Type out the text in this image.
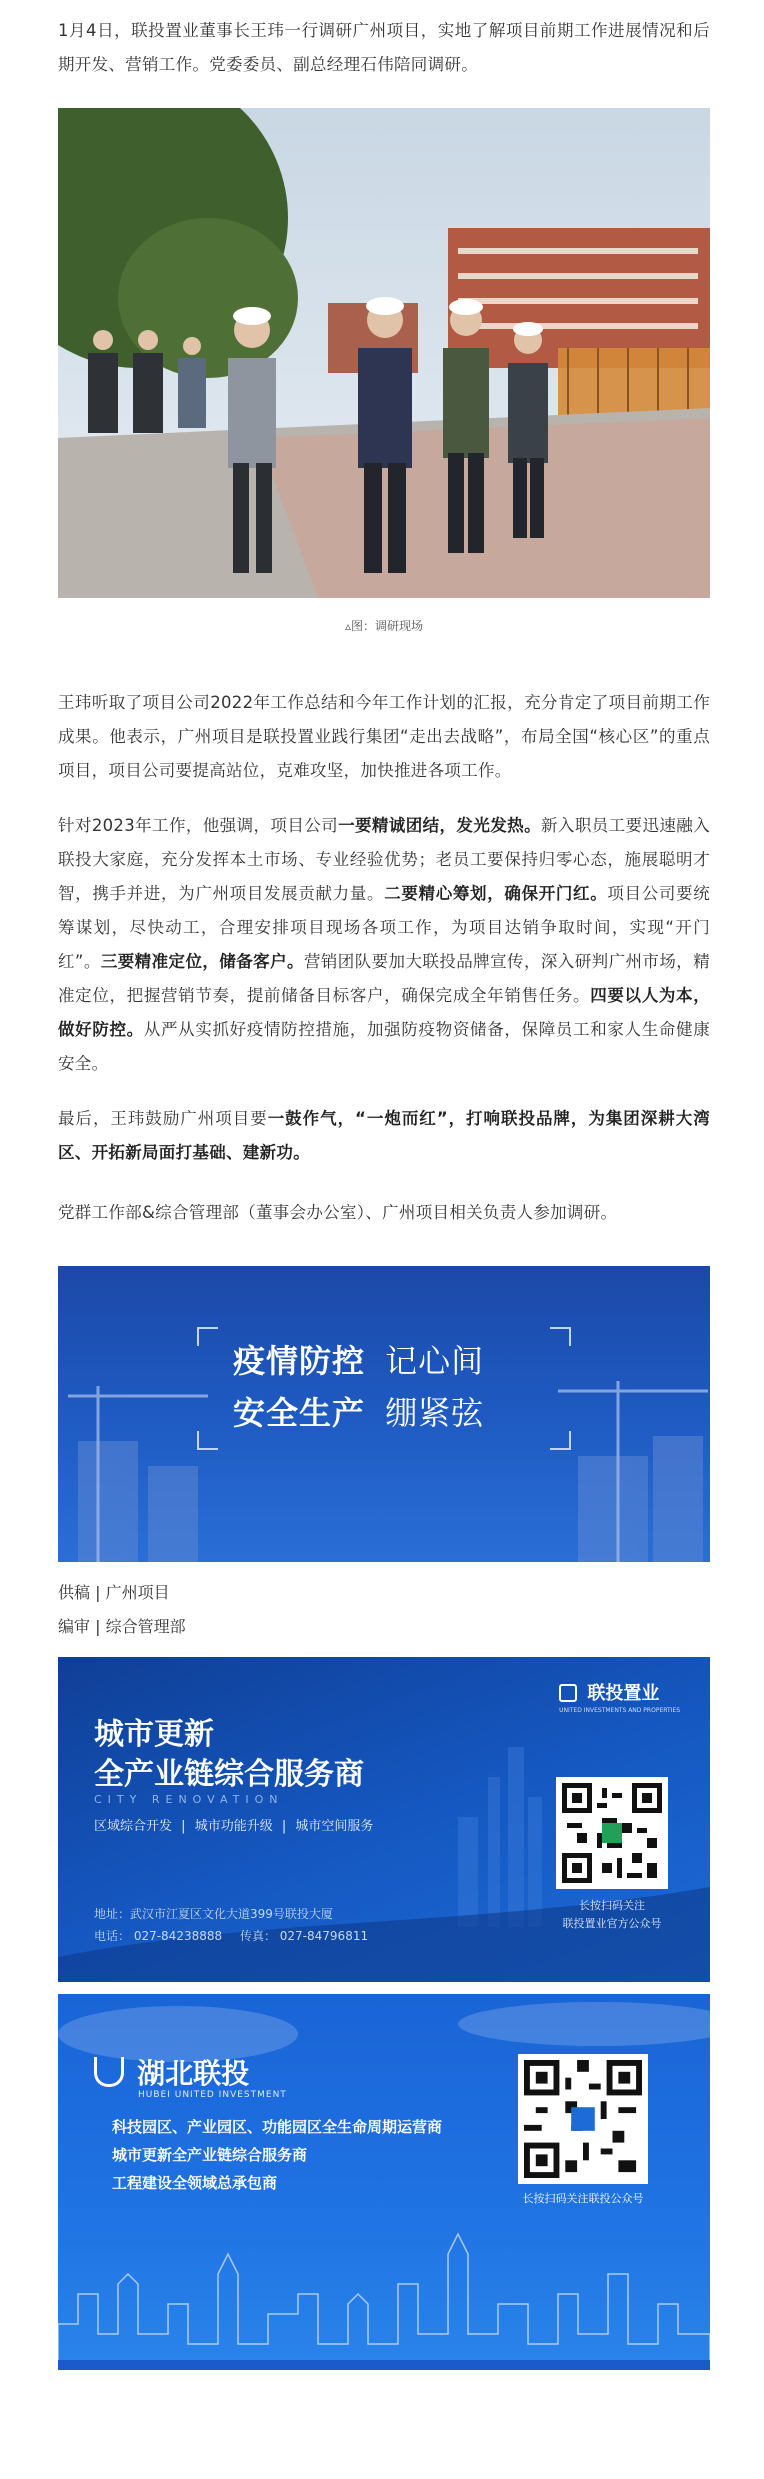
1月4日，联投置业董事长王玮一行调研广州项目，实地了解项目前期工作进展情况和后期开发、营销工作。党委委员、副总经理石伟陪同调研。

▵图：调研现场

王玮听取了项目公司2022年工作总结和今年工作计划的汇报，充分肯定了项目前期工作成果。他表示，广州项目是联投置业践行集团“走出去战略”，布局全国“核心区”的重点项目，项目公司要提高站位，克难攻坚，加快推进各项工作。

针对2023年工作，他强调，项目公司一要精诚团结，发光发热。新入职员工要迅速融入联投大家庭，充分发挥本土市场、专业经验优势；老员工要保持归零心态，施展聪明才智，携手并进，为广州项目发展贡献力量。二要精心筹划，确保开门红。项目公司要统筹谋划，尽快动工，合理安排项目现场各项工作，为项目达销争取时间，实现“开门红”。三要精准定位，储备客户。营销团队要加大联投品牌宣传，深入研判广州市场，精准定位，把握营销节奏，提前储备目标客户，确保完成全年销售任务。四要以人为本，做好防控。从严从实抓好疫情防控措施，加强防疫物资储备，保障员工和家人生命健康安全。

最后，王玮鼓励广州项目要一鼓作气，“一炮而红”，打响联投品牌，为集团深耕大湾区、开拓新局面打基础、建新功。

党群工作部&综合管理部（董事会办公室）、广州项目相关负责人参加调研。

疫情防控 记心间
安全生产 绷紧弦
供稿 | 广州项目
编审 | 综合管理部
联投置业
UNITED INVESTMENTS AND PROPERTIES
城市更新
全产业链综合服务商
CITY RENOVATION
区域综合开发 | 城市功能升级 | 城市空间服务
地址：武汉市江夏区文化大道399号联投大厦
电话： 027-84238888 传真： 027-84796811
长按扫码关注
联投置业官方公众号
湖北联投
HUBEI UNITED INVESTMENT
科技园区、产业园区、功能园区全生命周期运营商
城市更新全产业链综合服务商
工程建设全领域总承包商
长按扫码关注联投公众号
